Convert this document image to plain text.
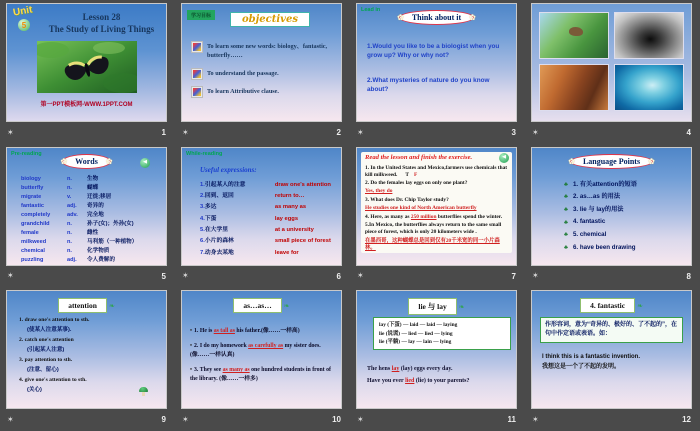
Unit
5
Lesson 28
The Study of Living Things
第一PPT模板网-WWW.1PPT.COM
✶	1
学习目标	objectives
To learn some new words: biology、fantastic, butterfly……
To understand the passage.
To learn Attributive clause.
✶	2
Lead in
✿	Think about it	✿
1.Would you like to be a biologist when you grow up? Why or why not?
2.What mysteries of nature do you know about?
✶	3 ✶	4
Pre-reading
✿	Words	✿	◀
biology	n.	生物
butterfly	n.	蝴蝶
migrate	v.	迁徙;移居
fantastic	adj.	奇异的
completely	adv.	完全地
grandchild	n.	孙子(女)；外孙(女)
female	n.	雌性
milkweed	n.	马利筋（一种植物）
chemical	n.	化学物质
puzzling	adj.	令人费解的
✶	5
While-reading
Useful expressions:
1. 引起某人的注意	draw one's attention
2. 回到、返回	return to…
3. 多达	as many as
4. 下蛋	lay eggs
5. 在大学里	at a university
6. 小片的森林	small piece of forest
7. 动身去某地	leave for
✶	6
Read the lesson and finish the exercise.	◀
1. In the United States and Mexico,farmers use chemicals that kill milkweed. T F
2. Do the females lay eggs on only one plant?
Yes, they do
3. What does Dr. Chip Taylor study?
He studies one kind of North American butterfly
4. Here, as many as 250 million butterflies spend the winter.
5.In Mexico, the butterflies always return to the same small piece of forest, which is only 20 kilometers wide .
在墨西哥，这种蝴蝶总是回到仅有20千米宽的同一小片森林。
✶	7
✿	Language Points	✿
♣ 1. 有关attention的短语
♣ 2. as…as 的用法
♣ 3. lie 与 lay的用法
♣ 4. fantastic
♣ 5. chemical
♣ 6. have been drawing
✶	8
attention	❧
1. draw one's attention to sth.
(使某人注意某事).
2. catch one's attention
(引起某人注意)
3. pay attention to sth.
(注意、留心)
4. give one's attention to sth.
(关心)
✶	9
as…as…	❧
• 1. He is as tall as his father.(像……一样高)
• 2. I do my homework as carefully as my sister does.(像……一样认真)
• 3. They see as many as one hundred students in front of the library. (像……一样多)
✶	10
lie 与 lay	❧
lay (下蛋) — laid — laid — laying
lie (说谎) — lied — lied — lying
lie (平躺) — lay — lain — lying
The hens lay (lay) eggs every day.
Have you ever lied (lie) to your parents?
✶	11
4. fantastic	❧
作形容词，意为“奇异的、极好的、了不起的”，在句中作定语或表语。如：
I think this is a fantastic invention.
我想这是一个了不起的发明。
✶	12
